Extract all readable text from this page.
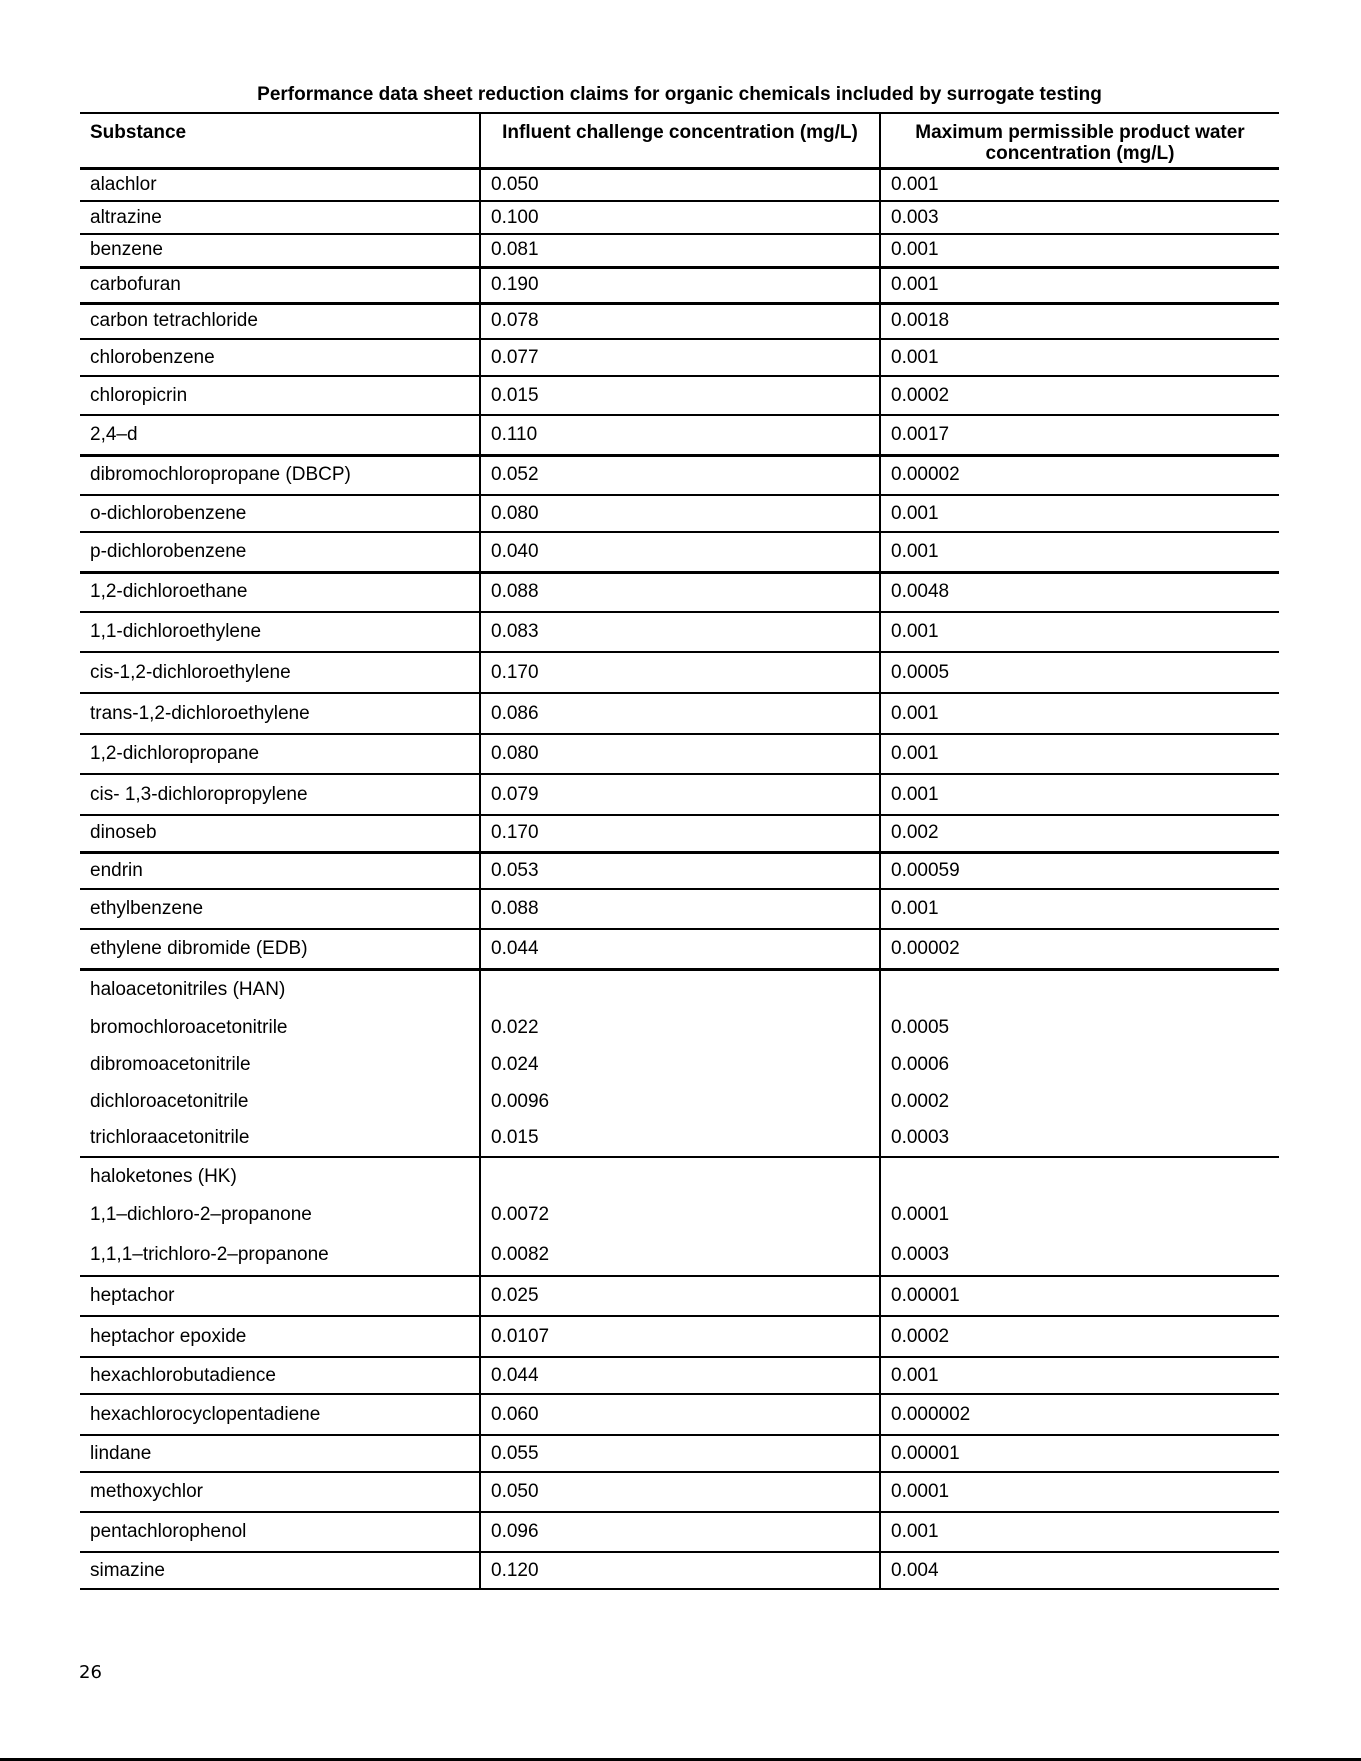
Performance data sheet reduction claims for organic chemicals included by surrogate testing
Substance	Influent challenge concentration (mg/L)	Maximum permissible product water concentration (mg/L)
alachlor	0.050	0.001
altrazine	0.100	0.003
benzene	0.081	0.001
carbofuran	0.190	0.001
carbon tetrachloride	0.078	0.0018
chlorobenzene	0.077	0.001
chloropicrin	0.015	0.0002
2,4–d	0.110	0.0017
dibromochloropropane (DBCP)	0.052	0.00002
o-dichlorobenzene	0.080	0.001
p-dichlorobenzene	0.040	0.001
1,2-dichloroethane	0.088	0.0048
1,1-dichloroethylene	0.083	0.001
cis-1,2-dichloroethylene	0.170	0.0005
trans-1,2-dichloroethylene	0.086	0.001
1,2-dichloropropane	0.080	0.001
cis- 1,3-dichloropropylene	0.079	0.001
dinoseb	0.170	0.002
endrin	0.053	0.00059
ethylbenzene	0.088	0.001
ethylene dibromide (EDB)	0.044	0.00002
haloacetonitriles (HAN)		
bromochloroacetonitrile	0.022	0.0005
dibromoacetonitrile	0.024	0.0006
dichloroacetonitrile	0.0096	0.0002
trichloraacetonitrile	0.015	0.0003
haloketones (HK)		
1,1–dichloro-2–propanone	0.0072	0.0001
1,1,1–trichloro-2–propanone	0.0082	0.0003
heptachor	0.025	0.00001
heptachor epoxide	0.0107	0.0002
hexachlorobutadience	0.044	0.001
hexachlorocyclopentadiene	0.060	0.000002
lindane	0.055	0.00001
methoxychlor	0.050	0.0001
pentachlorophenol	0.096	0.001
simazine	0.120	0.004
26
